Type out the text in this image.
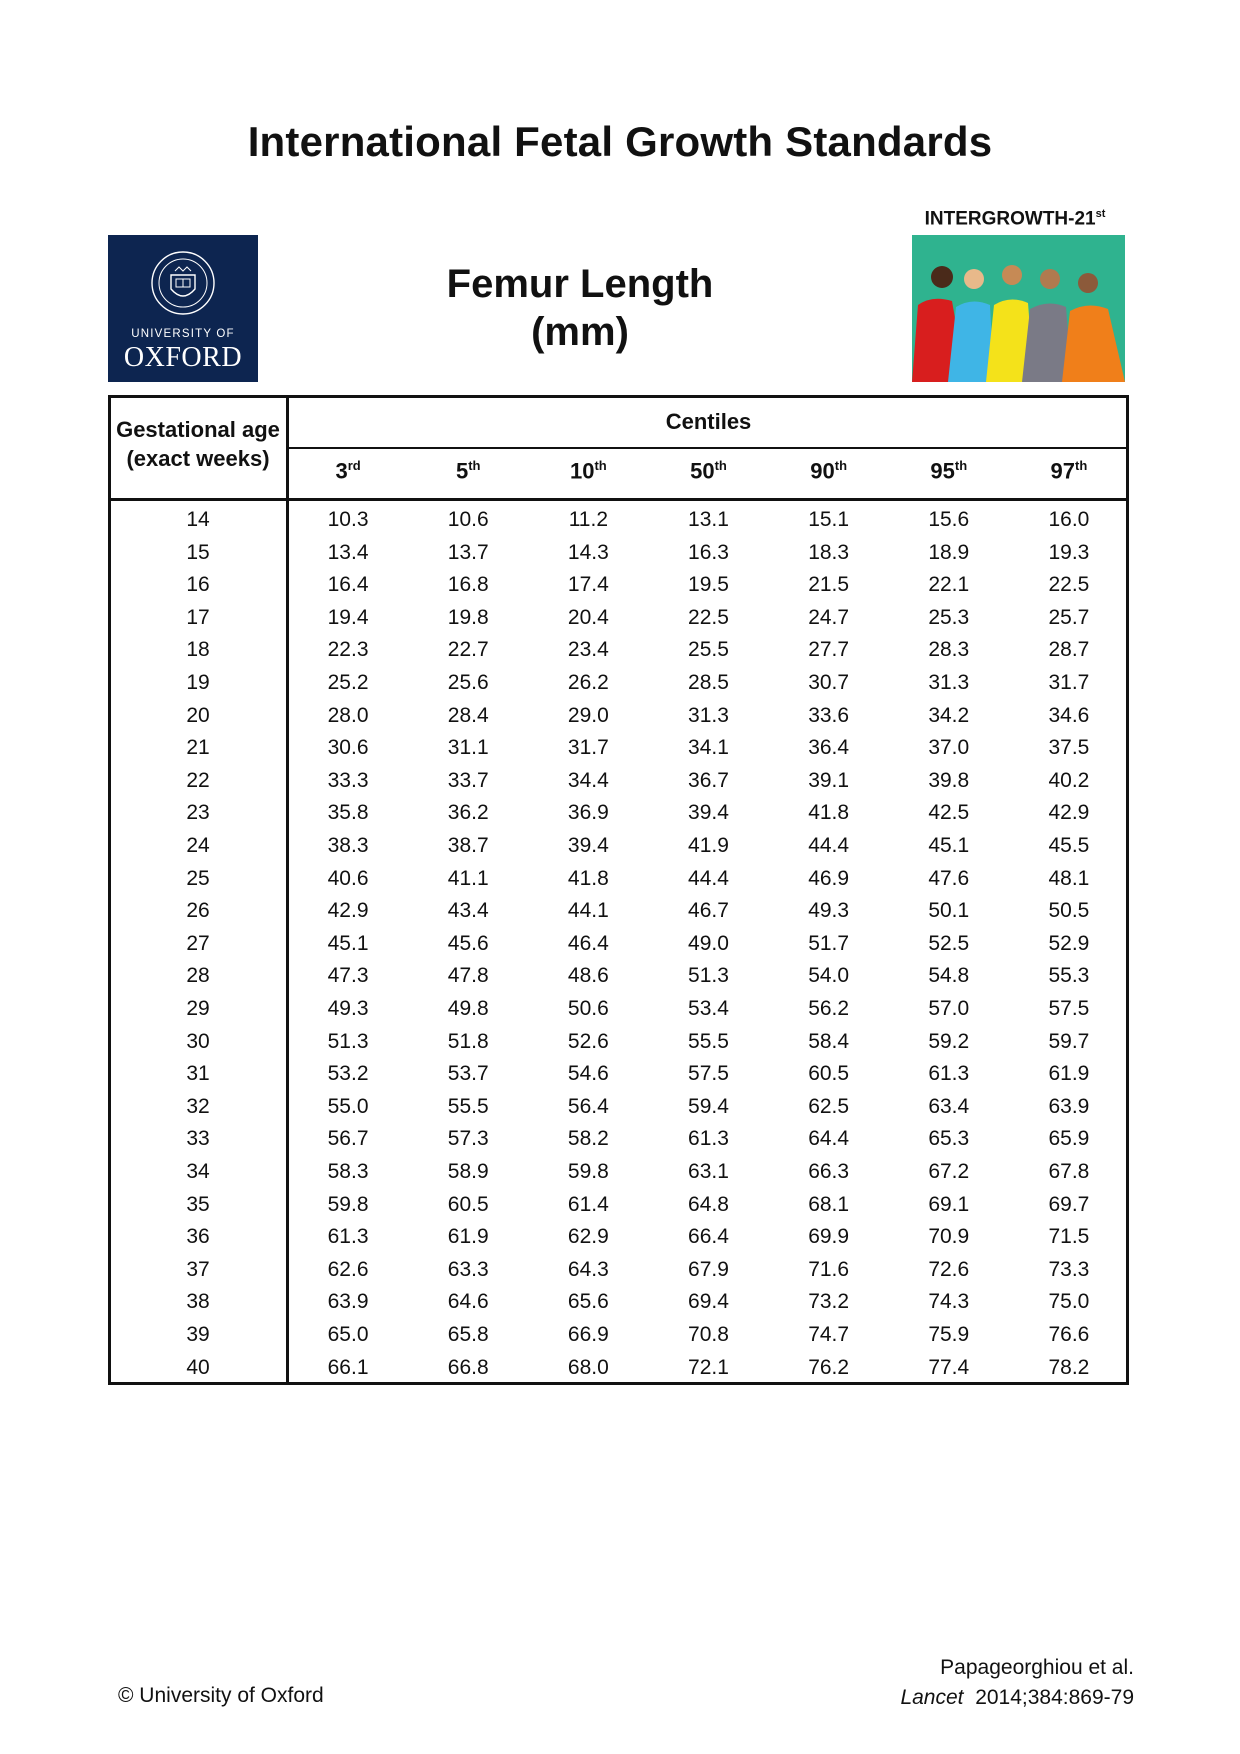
International Fetal Growth Standards
UNIVERSITY OF
OXFORD
Femur Length
(mm)
INTERGROWTH-21st
Gestational age
(exact weeks)
Centiles
3rd	5th	10th	50th	90th	95th	97th
14	10.3	10.6	11.2	13.1	15.1	15.6	16.0
15	13.4	13.7	14.3	16.3	18.3	18.9	19.3
16	16.4	16.8	17.4	19.5	21.5	22.1	22.5
17	19.4	19.8	20.4	22.5	24.7	25.3	25.7
18	22.3	22.7	23.4	25.5	27.7	28.3	28.7
19	25.2	25.6	26.2	28.5	30.7	31.3	31.7
20	28.0	28.4	29.0	31.3	33.6	34.2	34.6
21	30.6	31.1	31.7	34.1	36.4	37.0	37.5
22	33.3	33.7	34.4	36.7	39.1	39.8	40.2
23	35.8	36.2	36.9	39.4	41.8	42.5	42.9
24	38.3	38.7	39.4	41.9	44.4	45.1	45.5
25	40.6	41.1	41.8	44.4	46.9	47.6	48.1
26	42.9	43.4	44.1	46.7	49.3	50.1	50.5
27	45.1	45.6	46.4	49.0	51.7	52.5	52.9
28	47.3	47.8	48.6	51.3	54.0	54.8	55.3
29	49.3	49.8	50.6	53.4	56.2	57.0	57.5
30	51.3	51.8	52.6	55.5	58.4	59.2	59.7
31	53.2	53.7	54.6	57.5	60.5	61.3	61.9
32	55.0	55.5	56.4	59.4	62.5	63.4	63.9
33	56.7	57.3	58.2	61.3	64.4	65.3	65.9
34	58.3	58.9	59.8	63.1	66.3	67.2	67.8
35	59.8	60.5	61.4	64.8	68.1	69.1	69.7
36	61.3	61.9	62.9	66.4	69.9	70.9	71.5
37	62.6	63.3	64.3	67.9	71.6	72.6	73.3
38	63.9	64.6	65.6	69.4	73.2	74.3	75.0
39	65.0	65.8	66.9	70.8	74.7	75.9	76.6
40	66.1	66.8	68.0	72.1	76.2	77.4	78.2
© University of Oxford
Papageorghiou et al.
Lancet 2014;384:869-79
